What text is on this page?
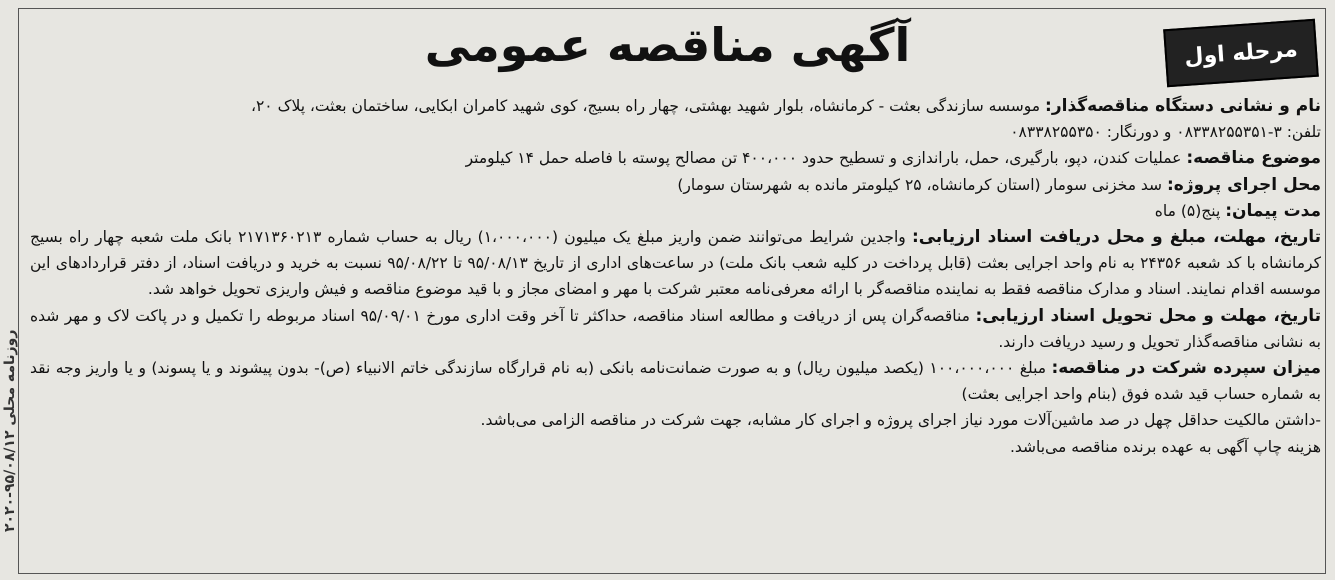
مرحله اول
آگهی مناقصه عمومی

نام و نشانی دستگاه مناقصه‌گذار: موسسه سازندگی بعثت - کرمانشاه، بلوار شهید بهشتی، چهار راه بسیج، کوی شهید کامران ابکایی، ساختمان بعثت، پلاک ۲۰،

تلفن: ۳-۰۸۳۳۸۲۵۵۳۵۱ و دورنگار: ۰۸۳۳۸۲۵۵۳۵۰

موضوع مناقصه: عملیات کندن، دپو، بارگیری، حمل، باراندازی و تسطیح حدود ۴۰۰،۰۰۰ تن مصالح پوسته با فاصله حمل ۱۴ کیلومتر

محل اجرای پروژه: سد مخزنی سومار (استان کرمانشاه، ۲۵ کیلومتر مانده به شهرستان سومار)

مدت پیمان: پنج(۵) ماه

تاریخ، مهلت، مبلغ و محل دریافت اسناد ارزیابی: واجدین شرایط می‌توانند ضمن واریز مبلغ یک میلیون (۱،۰۰۰،۰۰۰) ریال به حساب شماره ۲۱۷۱۳۶۰۲۱۳ بانک ملت شعبه چهار راه بسیج کرمانشاه با کد شعبه ۲۴۳۵۶ به نام واحد اجرایی بعثت (قابل پرداخت در کلیه شعب بانک ملت) در ساعت‌های اداری از تاریخ ۹۵/۰۸/۱۳ تا ۹۵/۰۸/۲۲ نسبت به خرید و دریافت اسناد، از دفتر قراردادهای این موسسه اقدام نمایند. اسناد و مدارک مناقصه فقط به نماینده مناقصه‌گر با ارائه معرفی‌نامه معتبر شرکت با مهر و امضای مجاز و با قید موضوع مناقصه و فیش واریزی تحویل خواهد شد.

تاریخ، مهلت و محل تحویل اسناد ارزیابی: مناقصه‌گران پس از دریافت و مطالعه اسناد مناقصه، حداکثر تا آخر وقت اداری مورخ ۹۵/۰۹/۰۱ اسناد مربوطه را تکمیل و در پاکت لاک و مهر شده به نشانی مناقصه‌گذار تحویل و رسید دریافت دارند.

میزان سپرده شرکت در مناقصه: مبلغ ۱۰۰،۰۰۰،۰۰۰ (یکصد میلیون ریال) و به صورت ضمانت‌نامه بانکی (به نام قرارگاه سازندگی خاتم الانبیاء (ص)- بدون پیشوند و یا پسوند) و یا واریز وجه نقد به شماره حساب قید شده فوق (بنام واحد اجرایی بعثت)

-داشتن مالکیت حداقل چهل در صد ماشین‌آلات مورد نیاز اجرای پروژه و اجرای کار مشابه، جهت شرکت در مناقصه الزامی می‌باشد.

هزینه چاپ آگهی به عهده برنده مناقصه می‌باشد.

روزنامه محلی ۹۵/۰۸/۱۲-۲۰۲۰
